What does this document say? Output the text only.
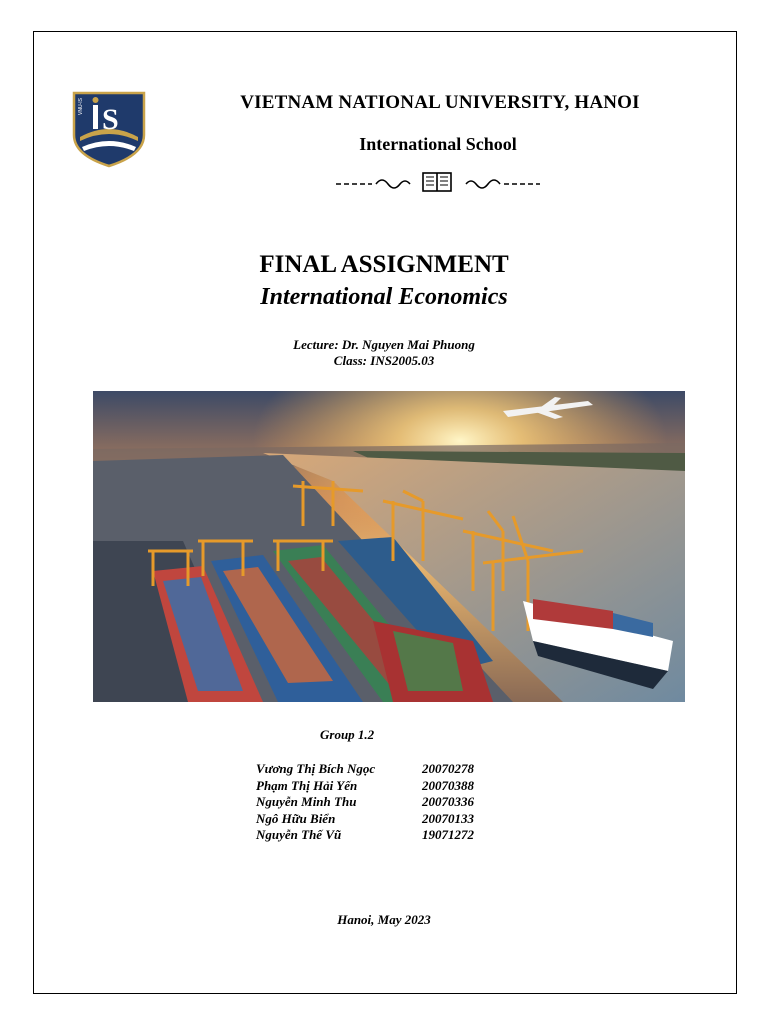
S
VNU-IS	VIETNAM NATIONAL UNIVERSITY, HANOI
International School
FINAL ASSIGNMENT
International Economics
Lecture: Dr. Nguyen Mai Phuong
Class: INS2005.03
Group 1.2
Vương Thị Bích Ngọc	20070278
Phạm Thị Hải Yến	20070388
Nguyễn Minh Thu	20070336
Ngô Hữu Biển	20070133
Nguyễn Thế Vũ	19071272
Hanoi, May 2023
